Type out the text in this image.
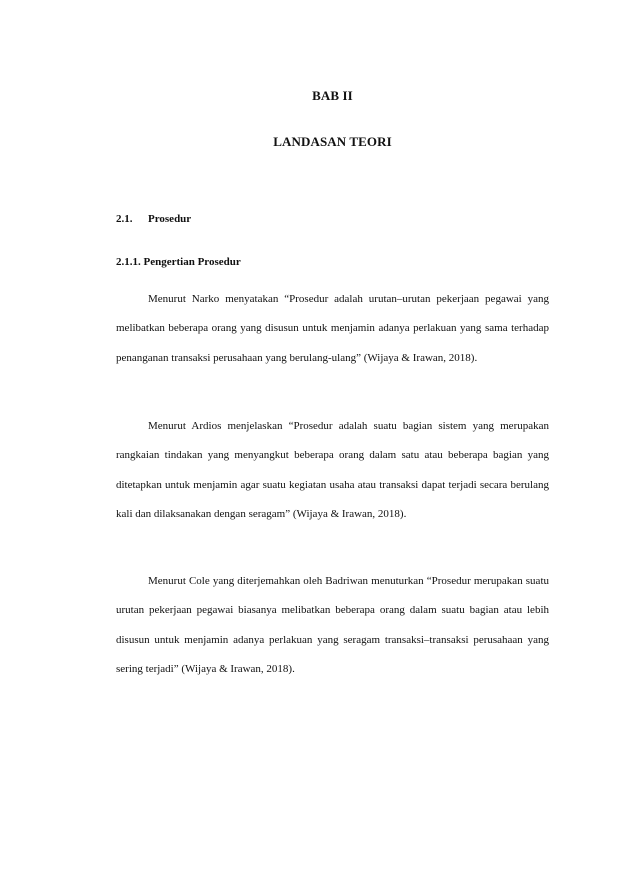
BAB II
LANDASAN TEORI
2.1. Prosedur
2.1.1. Pengertian Prosedur

Menurut Narko menyatakan “Prosedur adalah urutan–urutan pekerjaan pegawai yang melibatkan beberapa orang yang disusun untuk menjamin adanya perlakuan yang sama terhadap penanganan transaksi perusahaan yang berulang-ulang” (Wijaya & Irawan, 2018).

Menurut Ardios menjelaskan “Prosedur adalah suatu bagian sistem yang merupakan rangkaian tindakan yang menyangkut beberapa orang dalam satu atau beberapa bagian yang ditetapkan untuk menjamin agar suatu kegiatan usaha atau transaksi dapat terjadi secara berulang kali dan dilaksanakan dengan seragam” (Wijaya & Irawan, 2018).

Menurut Cole yang diterjemahkan oleh Badriwan menuturkan “Prosedur merupakan suatu urutan pekerjaan pegawai biasanya melibatkan beberapa orang dalam suatu bagian atau lebih disusun untuk menjamin adanya perlakuan yang seragam transaksi–transaksi perusahaan yang sering terjadi” (Wijaya & Irawan, 2018).
